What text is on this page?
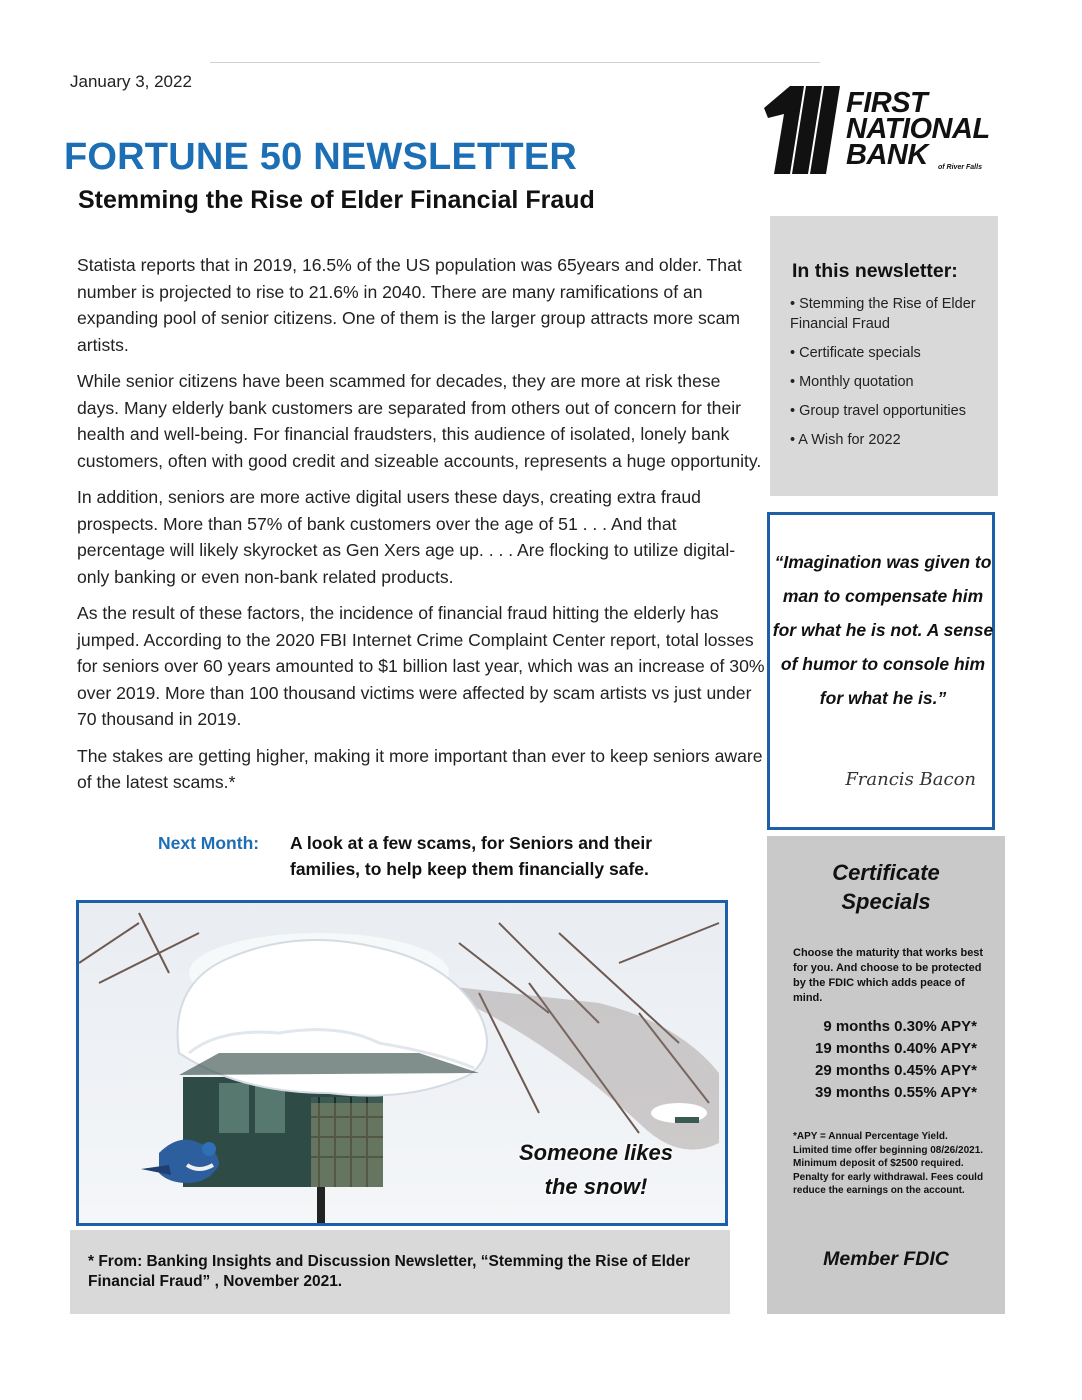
January 3, 2022
FORTUNE 50 NEWSLETTER
Stemming the Rise of Elder Financial Fraud
FIRST
NATIONAL
BANK	of River Falls

Statista reports that in 2019, 16.5% of the US population was 65years and older. That number is projected to rise to 21.6% in 2040. There are many ramifications of an expanding pool of senior citizens. One of them is the larger group attracts more scam artists.

While senior citizens have been scammed for decades, they are more at risk these days. Many elderly bank customers are separated from others out of concern for their health and well-being. For financial fraudsters, this audience of isolated, lonely bank customers, often with good credit and sizeable accounts, represents a huge opportunity.

In addition, seniors are more active digital users these days, creating extra fraud prospects. More than 57% of bank customers over the age of 51 . . . And that percentage will likely skyrocket as Gen Xers age up. . . . Are flocking to utilize digital-only banking or even non-bank related products.

As the result of these factors, the incidence of financial fraud hitting the elderly has jumped. According to the 2020 FBI Internet Crime Complaint Center report, total losses for seniors over 60 years amounted to $1 billion last year, which was an increase of 30% over 2019. More than 100 thousand victims were affected by scam artists vs just under 70 thousand in 2019.

The stakes are getting higher, making it more important than ever to keep seniors aware of the latest scams.*

Next Month: A look at a few scams, for Seniors and their families, to help keep them financially safe.
Someone likes
the snow!
* From: Banking Insights and Discussion Newsletter, “Stemming the Rise of Elder Financial Fraud” , November 2021.
In this newsletter:
• Stemming the Rise of Elder Financial Fraud
• Certificate specials
• Monthly quotation
• Group travel opportunities
• A Wish for 2022
“Imagination was given to man to compensate him for what he is not. A sense of humor to console him for what he is.”
Francis Bacon
Certificate
Specials
Choose the maturity that works best for you. And choose to be protected by the FDIC which adds peace of mind.
9 months 0.30% APY*
19 months 0.40% APY*
29 months 0.45% APY*
39 months 0.55% APY*
*APY = Annual Percentage Yield. Limited time offer beginning 08/26/2021. Minimum deposit of $2500 required. Penalty for early withdrawal. Fees could reduce the earnings on the account.
Member FDIC
